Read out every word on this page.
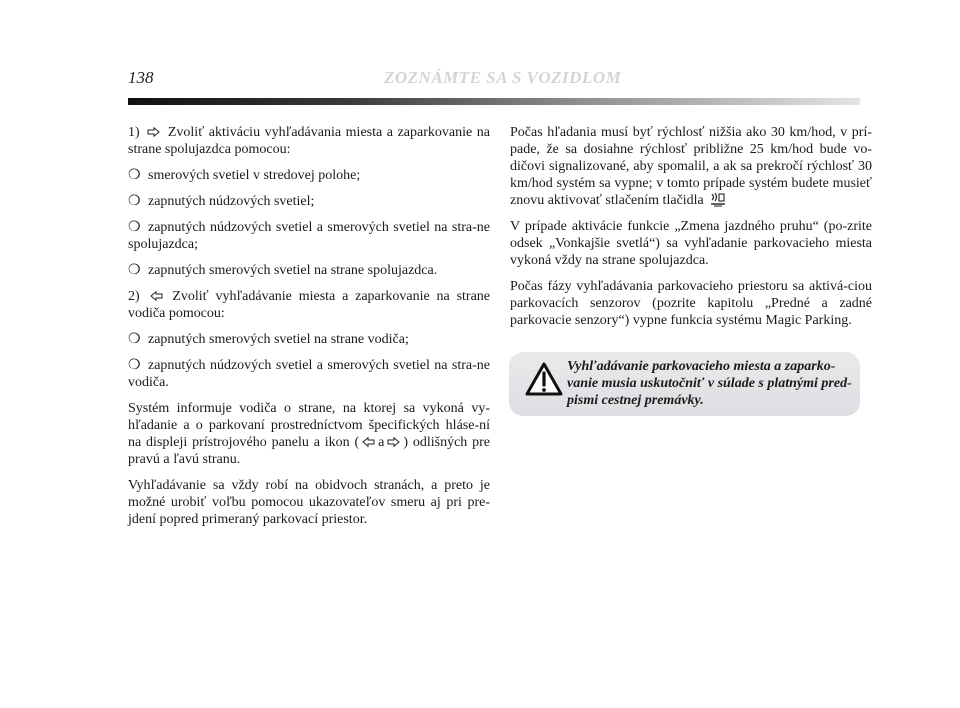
138	ZOZNÁMTE SA S VOZIDLOM

1) Zvoliť aktiváciu vyhľadávania miesta a zaparkovanie na strane spolujazdca pomocou:

❍ smerových svetiel v stredovej polohe;

❍ zapnutých núdzových svetiel;

❍ zapnutých núdzových svetiel a smerových svetiel na stra-ne spolujazdca;

❍ zapnutých smerových svetiel na strane spolujazdca.

2) Zvoliť vyhľadávanie miesta a zaparkovanie na strane vodiča pomocou:

❍ zapnutých smerových svetiel na strane vodiča;

❍ zapnutých núdzových svetiel a smerových svetiel na stra-ne vodiča.

Systém informuje vodiča o strane, na ktorej sa vykoná vy-hľadanie a o parkovaní prostredníctvom špecifických hláse-ní na displeji prístrojového panelu a ikon ( a ) odlišných pre pravú a ľavú stranu.

Vyhľadávanie sa vždy robí na obidvoch stranách, a preto je možné urobiť voľbu pomocou ukazovateľov smeru aj pri pre-jdení popred primeraný parkovací priestor.

Počas hľadania musí byť rýchlosť nižšia ako 30 km/hod, v prí-pade, že sa dosiahne rýchlosť približne 25 km/hod bude vo-dičovi signalizované, aby spomalil, a ak sa prekročí rýchlosť 30 km/hod systém sa vypne; v tomto prípade systém budete musieť znovu aktivovať stlačením tlačidla

V prípade aktivácie funkcie „Zmena jazdného pruhu“ (po-zrite odsek „Vonkajšie svetlá“) sa vyhľadanie parkovacieho miesta vykoná vždy na strane spolujazdca.

Počas fázy vyhľadávania parkovacieho priestoru sa aktivá-ciou parkovacích senzorov (pozrite kapitolu „Predné a zadné parkovacie senzory“) vypne funkcia systému Magic Parking.

Vyhľadávanie parkovacieho miesta a zaparko-vanie musia uskutočniť v súlade s platnými pred-pismi cestnej premávky.
